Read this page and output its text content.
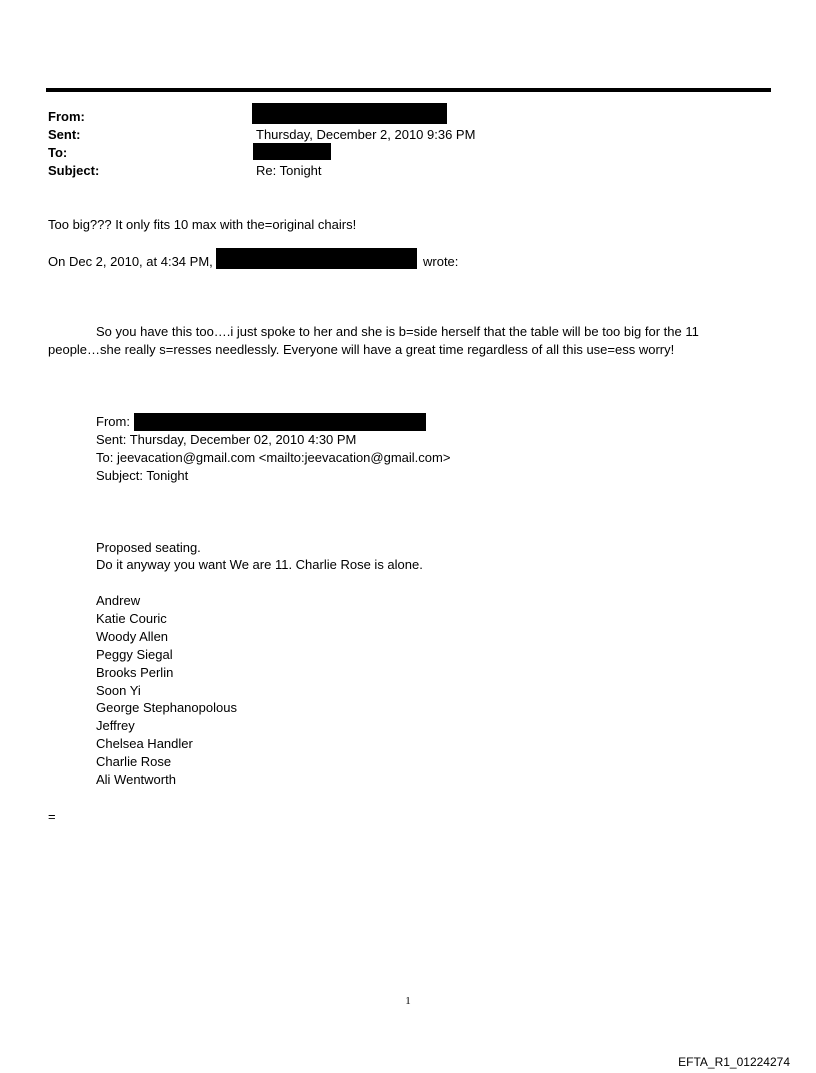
From:
Sent:	Thursday, December 2, 2010 9:36 PM
To:
Subject:	Re: Tonight
Too big??? It only fits 10 max with the=original chairs!
On Dec 2, 2010, at 4:34 PM,	wrote:
So you have this too….i just spoke to her and she is b=side herself that the table will be too big for the 11 people…she really s=resses needlessly. Everyone will have a great time regardless of all this use=ess worry!
From:
Sent: Thursday, December 02, 2010 4:30 PM
To: jeevacation@gmail.com <mailto:jeevacation@gmail.com>
Subject: Tonight
Proposed seating.
Do it anyway you want We are 11. Charlie Rose is alone.
Andrew
Katie Couric
Woody Allen
Peggy Siegal
Brooks Perlin
Soon Yi
George Stephanopolous
Jeffrey
Chelsea Handler
Charlie Rose
Ali Wentworth
=
1
EFTA_R1_01224274
